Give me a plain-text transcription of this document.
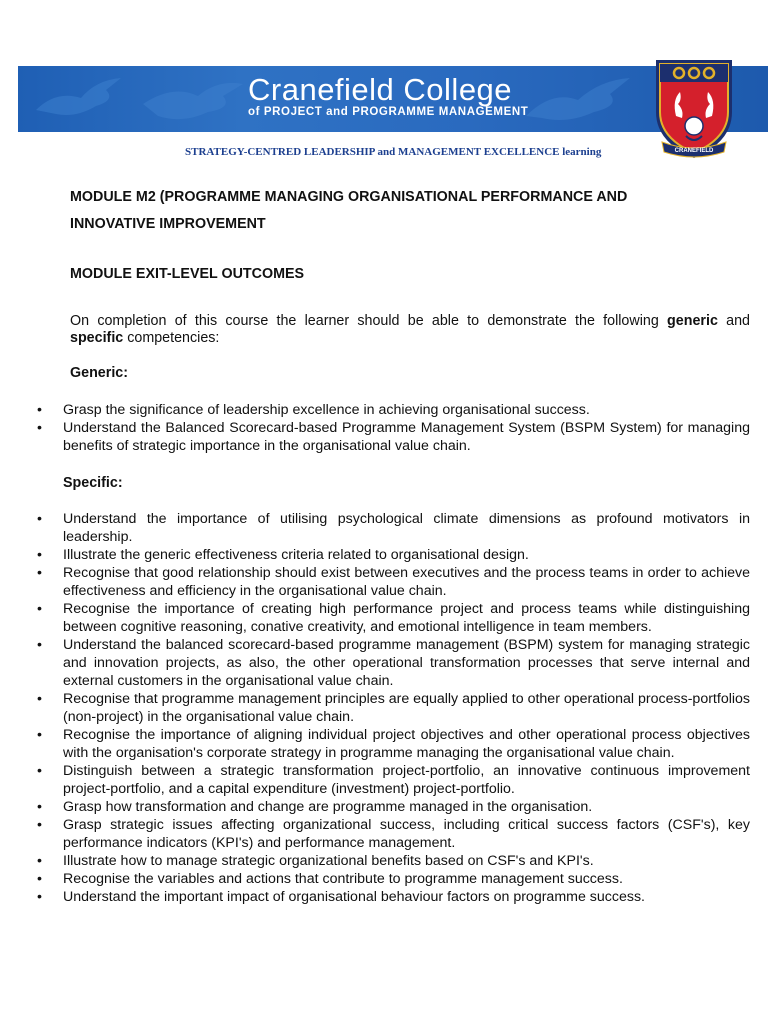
Cranefield College
of PROJECT and PROGRAMME MANAGEMENT
CRANEFIELD
STRATEGY-CENTRED LEADERSHIP and MANAGEMENT EXCELLENCE learning
MODULE M2 (PROGRAMME MANAGING ORGANISATIONAL PERFORMANCE AND INNOVATIVE IMPROVEMENT
MODULE EXIT-LEVEL OUTCOMES
On completion of this course the learner should be able to demonstrate the following generic and
specific competencies:
Generic:
• Grasp the significance of leadership excellence in achieving organisational success.
• Understand the Balanced Scorecard-based Programme Management System (BSPM System) for managing benefits of strategic importance in the organisational value chain.
Specific:
• Understand the importance of utilising psychological climate dimensions as profound motivators in leadership.
• Illustrate the generic effectiveness criteria related to organisational design.
• Recognise that good relationship should exist between executives and the process teams in order to achieve effectiveness and efficiency in the organisational value chain.
• Recognise the importance of creating high performance project and process teams while distinguishing between cognitive reasoning, conative creativity, and emotional intelligence in team members.
• Understand the balanced scorecard-based programme management (BSPM) system for managing strategic and innovation projects, as also, the other operational transformation processes that serve internal and external customers in the organisational value chain.
• Recognise that programme management principles are equally applied to other operational process-portfolios (non-project) in the organisational value chain.
• Recognise the importance of aligning individual project objectives and other operational process objectives with the organisation's corporate strategy in programme managing the organisational value chain.
• Distinguish between a strategic transformation project-portfolio, an innovative continuous improvement project-portfolio, and a capital expenditure (investment) project-portfolio.
• Grasp how transformation and change are programme managed in the organisation.
• Grasp strategic issues affecting organizational success, including critical success factors (CSF's), key performance indicators (KPI's) and performance management.
• Illustrate how to manage strategic organizational benefits based on CSF's and KPI's.
• Recognise the variables and actions that contribute to programme management success.
• Understand the important impact of organisational behaviour factors on programme success.
